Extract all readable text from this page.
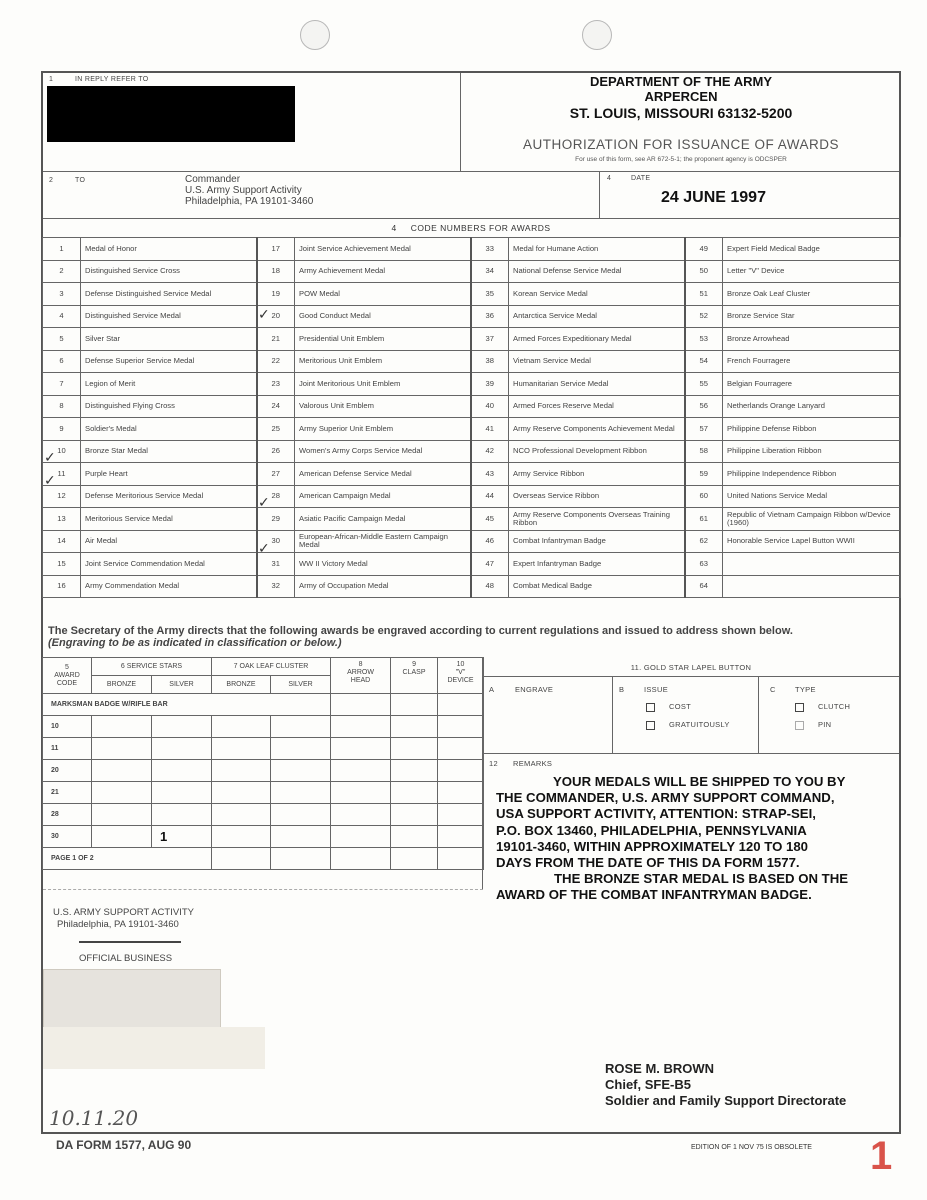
1	IN REPLY REFER TO	DEPARTMENT OF THE ARMY
ARPERCEN
ST. LOUIS, MISSOURI 63132-5200
AUTHORIZATION FOR ISSUANCE OF AWARDS
For use of this form, see AR 672-5-1; the proponent agency is ODCSPER
2	TO	Commander
U.S. Army Support Activity
Philadelphia, PA 19101-3460
4	DATE
24 JUNE 1997
4 CODE NUMBERS FOR AWARDS
1	Medal of Honor	17	Joint Service Achievement Medal	33	Medal for Humane Action	49	Expert Field Medical Badge
2	Distinguished Service Cross	18	Army Achievement Medal	34	National Defense Service Medal	50	Letter "V" Device
3	Defense Distinguished Service Medal	19	POW Medal	35	Korean Service Medal	51	Bronze Oak Leaf Cluster
4	Distinguished Service Medal	20	Good Conduct Medal	36	Antarctica Service Medal	52	Bronze Service Star
5	Silver Star	21	Presidential Unit Emblem	37	Armed Forces Expeditionary Medal	53	Bronze Arrowhead
6	Defense Superior Service Medal	22	Meritorious Unit Emblem	38	Vietnam Service Medal	54	French Fourragere
7	Legion of Merit	23	Joint Meritorious Unit Emblem	39	Humanitarian Service Medal	55	Belgian Fourragere
8	Distinguished Flying Cross	24	Valorous Unit Emblem	40	Armed Forces Reserve Medal	56	Netherlands Orange Lanyard
9	Soldier's Medal	25	Army Superior Unit Emblem	41	Army Reserve Components Achievement Medal	57	Philippine Defense Ribbon
10	Bronze Star Medal	26	Women's Army Corps Service Medal	42	NCO Professional Development Ribbon	58	Philippine Liberation Ribbon
11	Purple Heart	27	American Defense Service Medal	43	Army Service Ribbon	59	Philippine Independence Ribbon
12	Defense Meritorious Service Medal	28	American Campaign Medal	44	Overseas Service Ribbon	60	United Nations Service Medal
13	Meritorious Service Medal	29	Asiatic Pacific Campaign Medal	45	Army Reserve Components Overseas Training Ribbon	61	Republic of Vietnam Campaign Ribbon w/Device (1960)
14	Air Medal	30	European-African-Middle Eastern Campaign Medal	46	Combat Infantryman Badge	62	Honorable Service Lapel Button WWII
15	Joint Service Commendation Medal	31	WW II Victory Medal	47	Expert Infantryman Badge	63	
16	Army Commendation Medal	32	Army of Occupation Medal	48	Combat Medical Badge	64	
✓
✓
✓
✓
✓
The Secretary of the Army directs that the following awards be engraved according to current regulations and issued to address shown below.
(Engraving to be as indicated in classification or below.)
5
AWARD
CODE	6 SERVICE STARS		7 OAK LEAF CLUSTER		8
ARROW
HEAD	9
CLASP	10
"V"
DEVICE
	BRONZE	SILVER	BRONZE	SILVER			
MARKSMAN BADGE W/RIFLE BAR							
10							
11							
20							
21							
28							
30		1					
PAGE 1 OF 2							
11. GOLD STAR LAPEL BUTTON
A	ENGRAVE	B	ISSUE
COST
GRATUITOUSLY
C	TYPE
CLUTCH
PIN
12 REMARKS
YOUR MEDALS WILL BE SHIPPED TO YOU BY
THE COMMANDER, U.S. ARMY SUPPORT COMMAND,
USA SUPPORT ACTIVITY, ATTENTION: STRAP-SEI,
P.O. BOX 13460, PHILADELPHIA, PENNSYLVANIA
19101-3460, WITHIN APPROXIMATELY 120 TO 180
DAYS FROM THE DATE OF THIS DA FORM 1577.
THE BRONZE STAR MEDAL IS BASED ON THE
AWARD OF THE COMBAT INFANTRYMAN BADGE.
U.S. ARMY SUPPORT ACTIVITY
Philadelphia, PA 19101-3460
OFFICIAL BUSINESS
ROSE M. BROWN
Chief, SFE-B5
Soldier and Family Support Directorate
10.11.20
DA FORM 1577, AUG 90	EDITION OF 1 NOV 75 IS OBSOLETE 1
